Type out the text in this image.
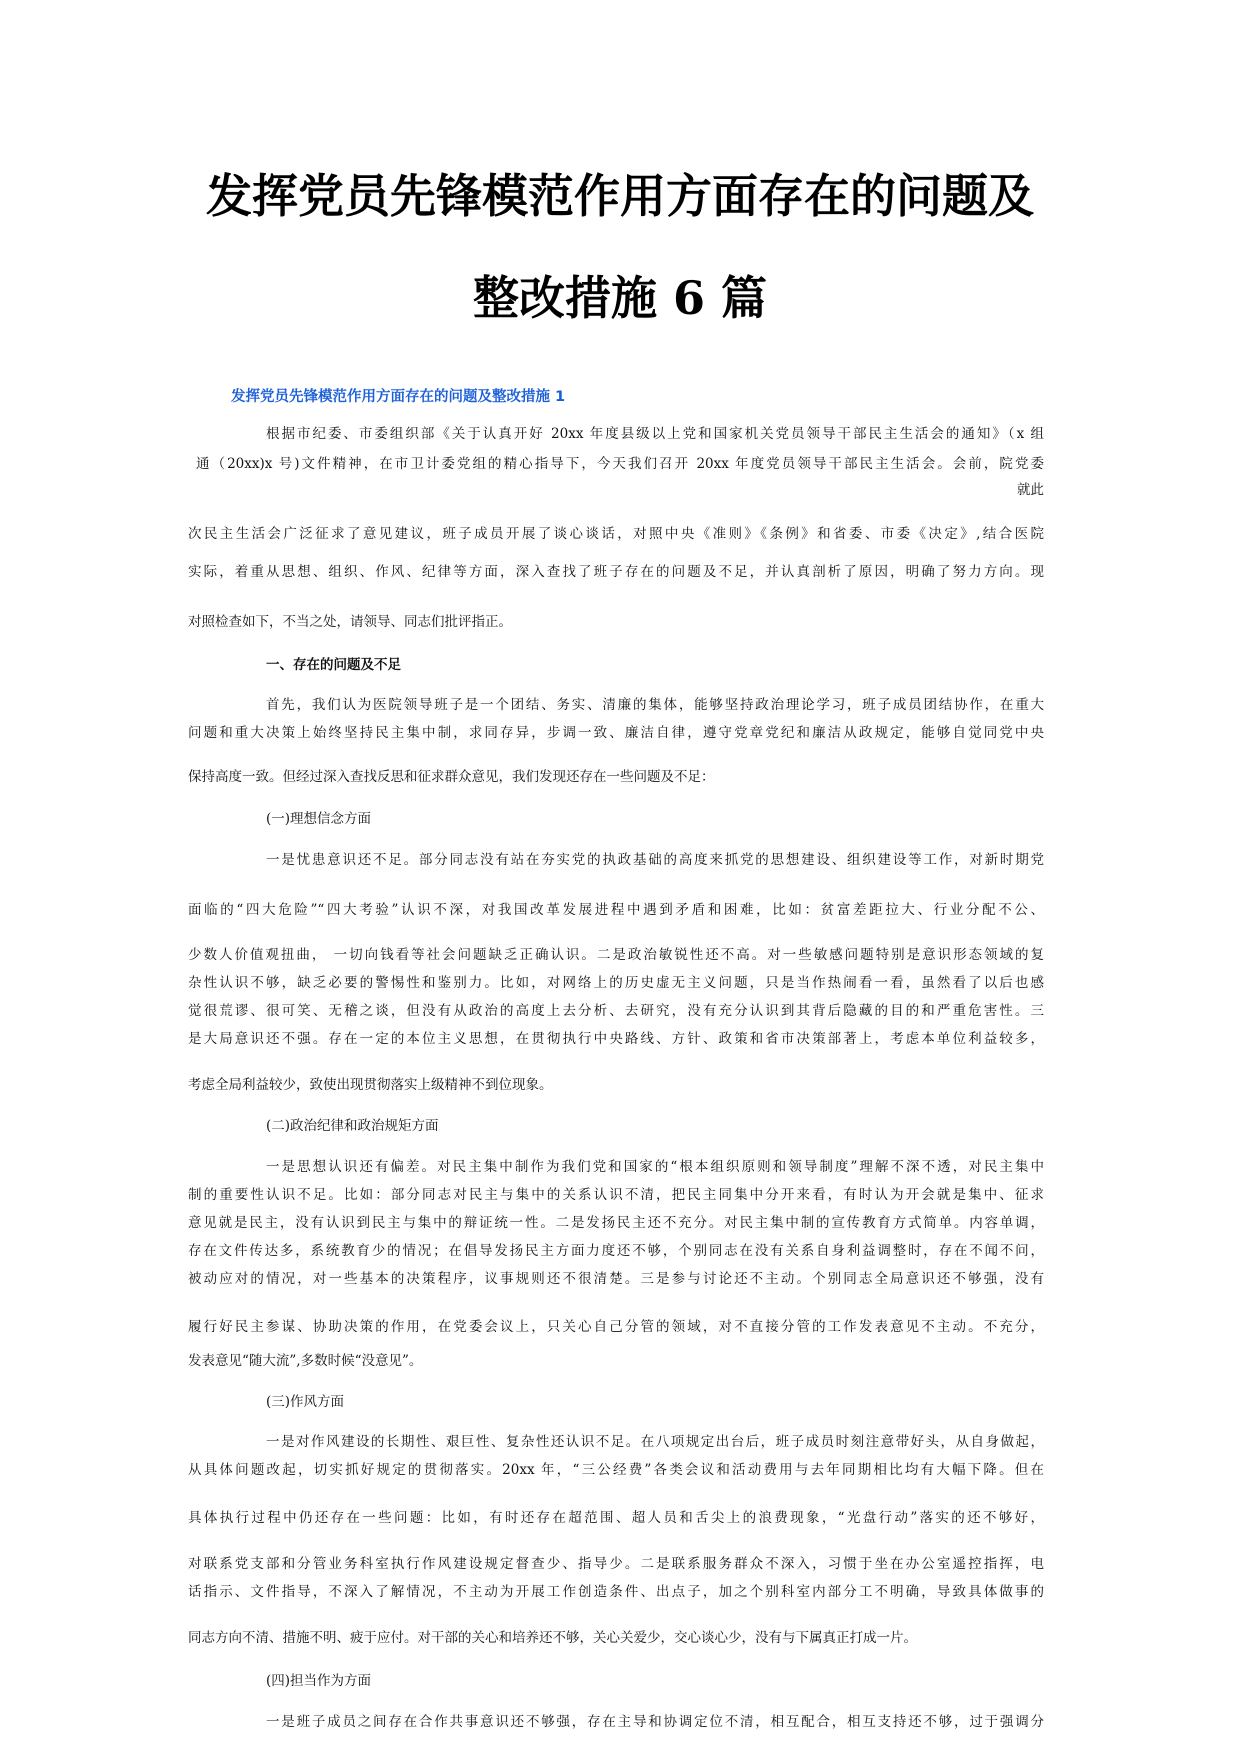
发挥党员先锋模范作用方面存在的问题及
整改措施 6 篇
发挥党员先锋模范作用方面存在的问题及整改措施 1
根据市纪委、市委组织部《关于认真开好 20xx 年度县级以上党和国家机关党员领导干部民主生活会的通知》（x 组
通（20xx)x 号)文件精神，在市卫计委党组的精心指导下，今天我们召开 20xx 年度党员领导干部民主生活会。会前，院党委
就此
次民主生活会广泛征求了意见建议，班子成员开展了谈心谈话，对照中央《准则》《条例》和省委、市委《决定》,结合医院
实际，着重从思想、组织、作风、纪律等方面，深入查找了班子存在的问题及不足，并认真剖析了原因，明确了努力方向。现
对照检查如下，不当之处，请领导、同志们批评指正。
一、存在的问题及不足
首先，我们认为医院领导班子是一个团结、务实、清廉的集体，能够坚持政治理论学习，班子成员团结协作，在重大
问题和重大决策上始终坚持民主集中制，求同存异，步调一致、廉洁自律，遵守党章党纪和廉洁从政规定，能够自觉同党中央
保持高度一致。但经过深入查找反思和征求群众意见，我们发现还存在一些问题及不足：
(一)理想信念方面
一是忧患意识还不足。部分同志没有站在夯实党的执政基础的高度来抓党的思想建设、组织建设等工作，对新时期党
面临的“四大危险”“四大考验”认识不深，对我国改革发展进程中遇到矛盾和困难，比如：贫富差距拉大、行业分配不公、
少数人价值观扭曲， 一切向钱看等社会问题缺乏正确认识。二是政治敏锐性还不高。对一些敏感问题特别是意识形态领域的复
杂性认识不够，缺乏必要的警惕性和鉴别力。比如，对网络上的历史虚无主义问题，只是当作热闹看一看，虽然看了以后也感
觉很荒谬、很可笑、无稽之谈，但没有从政治的高度上去分析、去研究，没有充分认识到其背后隐藏的目的和严重危害性。三
是大局意识还不强。存在一定的本位主义思想，在贯彻执行中央路线、方针、政策和省市决策部著上，考虑本单位利益较多，
考虑全局利益较少，致使出现贯彻落实上级精神不到位现象。
(二)政治纪律和政治规矩方面
一是思想认识还有偏差。对民主集中制作为我们党和国家的“根本组织原则和领导制度”理解不深不透，对民主集中
制的重要性认识不足。比如：部分同志对民主与集中的关系认识不清，把民主同集中分开来看，有时认为开会就是集中、征求
意见就是民主，没有认识到民主与集中的辩证统一性。二是发扬民主还不充分。对民主集中制的宣传教育方式简单。内容单调，
存在文件传达多，系统教育少的情况；在倡导发扬民主方面力度还不够，个别同志在没有关系自身利益调整时，存在不闻不问，
被动应对的情况，对一些基本的决策程序，议事规则还不很清楚。三是参与讨论还不主动。个别同志全局意识还不够强，没有
履行好民主参谋、协助决策的作用，在党委会议上，只关心自己分管的领域，对不直接分管的工作发表意见不主动。不充分，
发表意见“随大流”,多数时候“没意见”。
(三)作风方面
一是对作风建设的长期性、艰巨性、复杂性还认识不足。在八项规定出台后，班子成员时刻注意带好头，从自身做起，
从具体问题改起，切实抓好规定的贯彻落实。20xx 年，“三公经费”各类会议和活动费用与去年同期相比均有大幅下降。但在
具体执行过程中仍还存在一些问题：比如，有时还存在超范围、超人员和舌尖上的浪费现象，“光盘行动”落实的还不够好，
对联系党支部和分管业务科室执行作风建设规定督查少、指导少。二是联系服务群众不深入，习惯于坐在办公室遥控指挥，电
话指示、文件指导，不深入了解情况，不主动为开展工作创造条件、出点子，加之个别科室内部分工不明确，导致具体做事的
同志方向不清、措施不明、疲于应付。对干部的关心和培养还不够，关心关爱少，交心谈心少，没有与下属真正打成一片。
(四)担当作为方面
一是班子成员之间存在合作共事意识还不够强，存在主导和协调定位不清，相互配合，相互支持还不够，过于强调分
